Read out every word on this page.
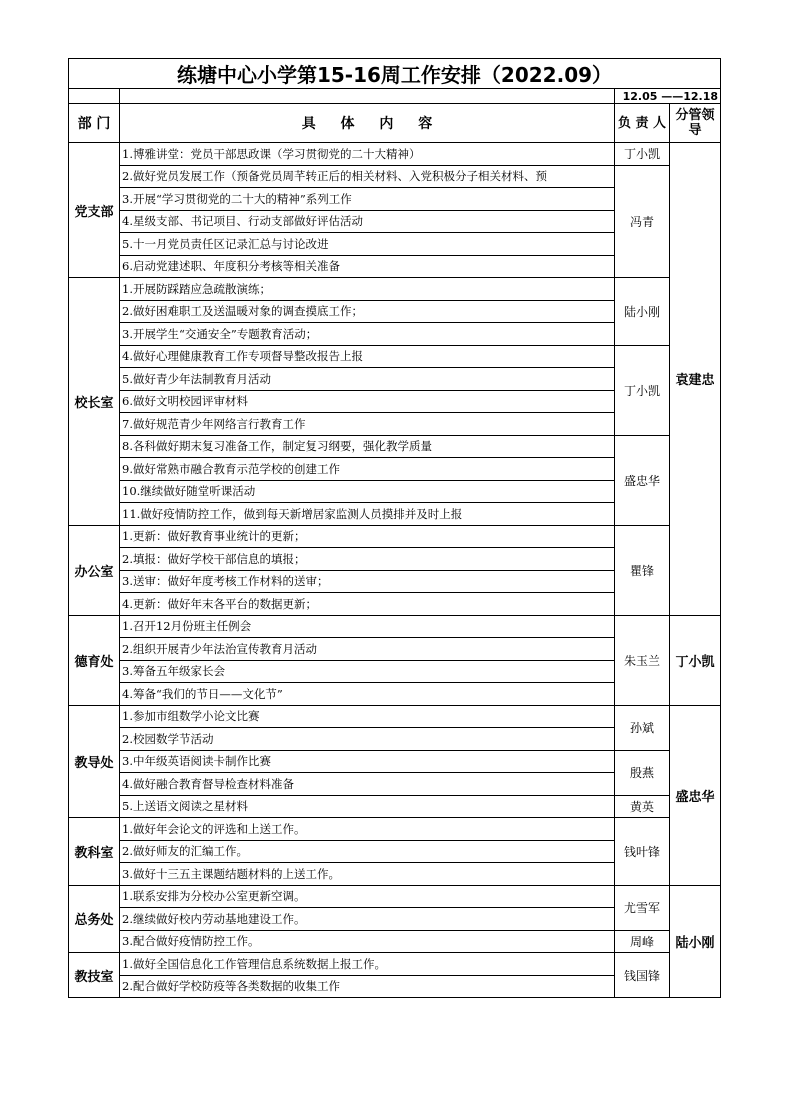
练塘中心小学第15-16周工作安排（2022.09）			
		12.05 ——12.18	
部 门	具 体 内 容	负 责 人	分管领导
党支部	1.博雅讲堂：党员干部思政课（学习贯彻党的二十大精神）	丁小凯	袁建忠
	2.做好党员发展工作（预备党员周芊转正后的相关材料、入党积极分子相关材料、预	冯青	
	3.开展“学习贯彻党的二十大的精神”系列工作		
	4.星级支部、书记项目、行动支部做好评估活动		
	5.十一月党员责任区记录汇总与讨论改进		
	6.启动党建述职、年度积分考核等相关准备		
校长室	1.开展防踩踏应急疏散演练；	陆小刚	
	2.做好困难职工及送温暖对象的调查摸底工作；		
	3.开展学生“交通安全”专题教育活动；		
	4.做好心理健康教育工作专项督导整改报告上报	丁小凯	
	5.做好青少年法制教育月活动		
	6.做好文明校园评审材料		
	7.做好规范青少年网络言行教育工作		
	8.各科做好期末复习准备工作，制定复习纲要，强化教学质量	盛忠华	
	9.做好常熟市融合教育示范学校的创建工作		
	10.继续做好随堂听课活动		
	11.做好疫情防控工作，做到每天新增居家监测人员摸排并及时上报		
办公室	1.更新：做好教育事业统计的更新；	瞿锋	
	2.填报：做好学校干部信息的填报；		
	3.送审：做好年度考核工作材料的送审；		
	4.更新：做好年末各平台的数据更新；		
德育处	1.召开12月份班主任例会	朱玉兰	丁小凯
	2.组织开展青少年法治宣传教育月活动		
	3.筹备五年级家长会		
	4.筹备“我们的节日——文化节”		
教导处	1.参加市组数学小论文比赛	孙斌	盛忠华
	2.校园数学节活动		
	3.中年级英语阅读卡制作比赛	殷燕	
	4.做好融合教育督导检查材料准备		
	5.上送语文阅读之星材料	黄英	
教科室	1.做好年会论文的评选和上送工作。	钱叶锋	
	2.做好师友的汇编工作。		
	3.做好十三五主课题结题材料的上送工作。		
总务处	1.联系安排为分校办公室更新空调。	尤雪军	陆小刚
	2.继续做好校内劳动基地建设工作。		
	3.配合做好疫情防控工作。	周峰	
教技室	1.做好全国信息化工作管理信息系统数据上报工作。	钱国锋	
	2.配合做好学校防疫等各类数据的收集工作		
